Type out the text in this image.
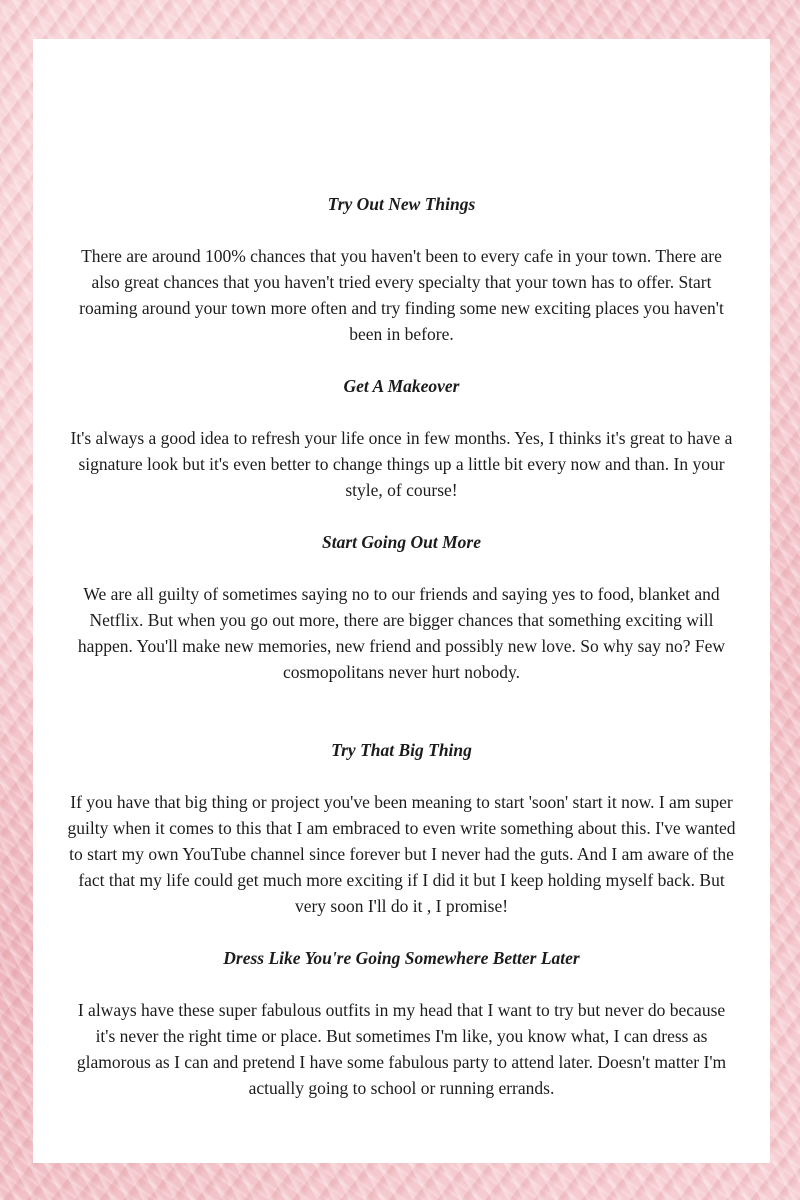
Try Out New Things

There are around 100% chances that you haven't been to every cafe in your town. There are also great chances that you haven't tried every specialty that your town has to offer. Start roaming around your town more often and try finding some new exciting places you haven't been in before.

Get A Makeover

It's always a good idea to refresh your life once in few months. Yes, I thinks it's great to have a signature look but it's even better to change things up a little bit every now and than. In your style, of course!

Start Going Out More

We are all guilty of sometimes saying no to our friends and saying yes to food, blanket and Netflix. But when you go out more, there are bigger chances that something exciting will happen. You'll make new memories, new friend and possibly new love. So why say no? Few cosmopolitans never hurt nobody.

Try That Big Thing

If you have that big thing or project you've been meaning to start 'soon' start it now. I am super guilty when it comes to this that I am embraced to even write something about this. I've wanted to start my own YouTube channel since forever but I never had the guts. And I am aware of the fact that my life could get much more exciting if I did it but I keep holding myself back. But very soon I'll do it , I promise!

Dress Like You're Going Somewhere Better Later

I always have these super fabulous outfits in my head that I want to try but never do because it's never the right time or place. But sometimes I'm like, you know what, I can dress as glamorous as I can and pretend I have some fabulous party to attend later. Doesn't matter I'm actually going to school or running errands.
